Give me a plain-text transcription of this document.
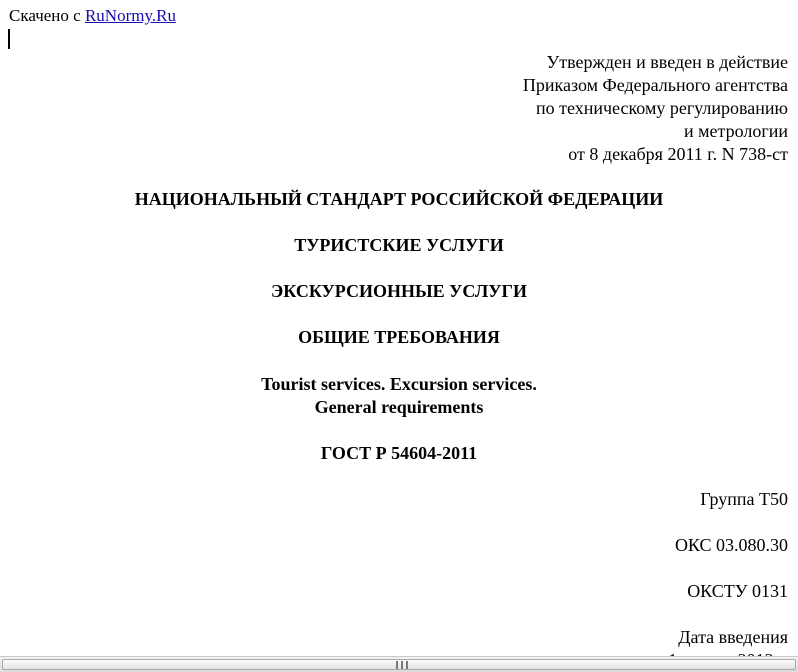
Скачено с RuNormy.Ru
Утвержден и введен в действие
Приказом Федерального агентства
по техническому регулированию
и метрологии
от 8 декабря 2011 г. N 738-ст
НАЦИОНАЛЬНЫЙ СТАНДАРТ РОССИЙСКОЙ ФЕДЕРАЦИИ
ТУРИСТСКИЕ УСЛУГИ
ЭКСКУРСИОННЫЕ УСЛУГИ
ОБЩИЕ ТРЕБОВАНИЯ
Tourist services. Excursion services.
General requirements
ГОСТ Р 54604-2011
Группа Т50
ОКС 03.080.30
ОКСТУ 0131
Дата введения
